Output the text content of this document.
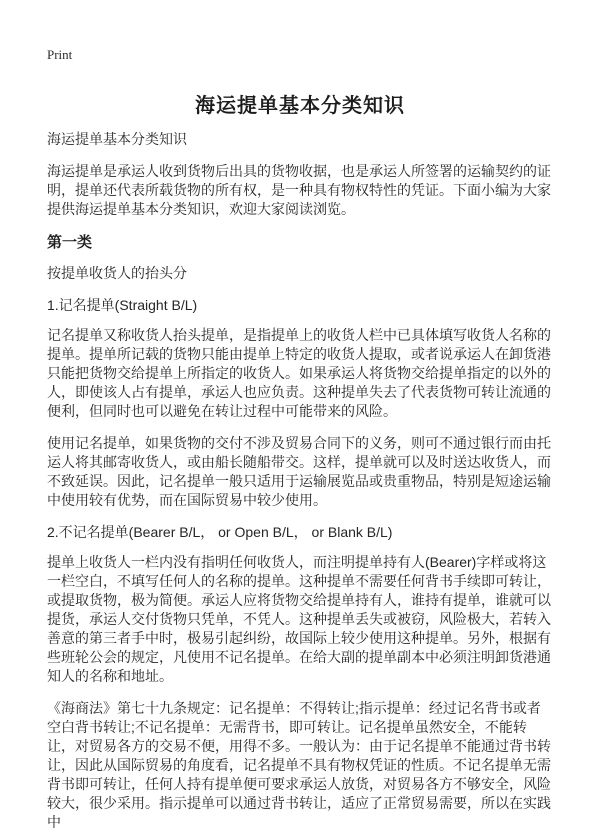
Print
海运提单基本分类知识

海运提单基本分类知识

海运提单是承运人收到货物后出具的货物收据，也是承运人所签署的运输契约的证明，提单还代表所载货物的所有权，是一种具有物权特性的凭证。下面小编为大家提供海运提单基本分类知识，欢迎大家阅读浏览。

第一类

按提单收货人的抬头分

1.记名提单(Straight B/L)

记名提单又称收货人抬头提单，是指提单上的收货人栏中已具体填写收货人名称的提单。提单所记载的货物只能由提单上特定的收货人提取，或者说承运人在卸货港只能把货物交给提单上所指定的收货人。如果承运人将货物交给提单指定的以外的人，即使该人占有提单，承运人也应负责。这种提单失去了代表货物可转让流通的便利，但同时也可以避免在转让过程中可能带来的风险。

使用记名提单，如果货物的交付不涉及贸易合同下的义务，则可不通过银行而由托运人将其邮寄收货人，或由船长随船带交。这样，提单就可以及时送达收货人，而不致延误。因此，记名提单一般只适用于运输展览品或贵重物品，特别是短途运输中使用较有优势，而在国际贸易中较少使用。

2.不记名提单(Bearer B/L， or Open B/L， or Blank B/L)

提单上收货人一栏内没有指明任何收货人，而注明提单持有人(Bearer)字样或将这一栏空白，不填写任何人的名称的提单。这种提单不需要任何背书手续即可转让，或提取货物，极为简便。承运人应将货物交给提单持有人，谁持有提单，谁就可以提货，承运人交付货物只凭单，不凭人。这种提单丢失或被窃，风险极大，若转入善意的第三者手中时，极易引起纠纷，故国际上较少使用这种提单。另外，根据有些班轮公会的规定，凡使用不记名提单。在给大副的提单副本中必须注明卸货港通知人的名称和地址。

《海商法》第七十九条规定：记名提单：不得转让;指示提单：经过记名背书或者空白背书转让;不记名提单：无需背书，即可转让。记名提单虽然安全，不能转让，对贸易各方的交易不便，用得不多。一般认为：由于记名提单不能通过背书转让，因此从国际贸易的角度看，记名提单不具有物权凭证的性质。不记名提单无需背书即可转让，任何人持有提单便可要求承运人放货，对贸易各方不够安全，风险较大，很少采用。指示提单可以通过背书转让，适应了正常贸易需要，所以在实践中
